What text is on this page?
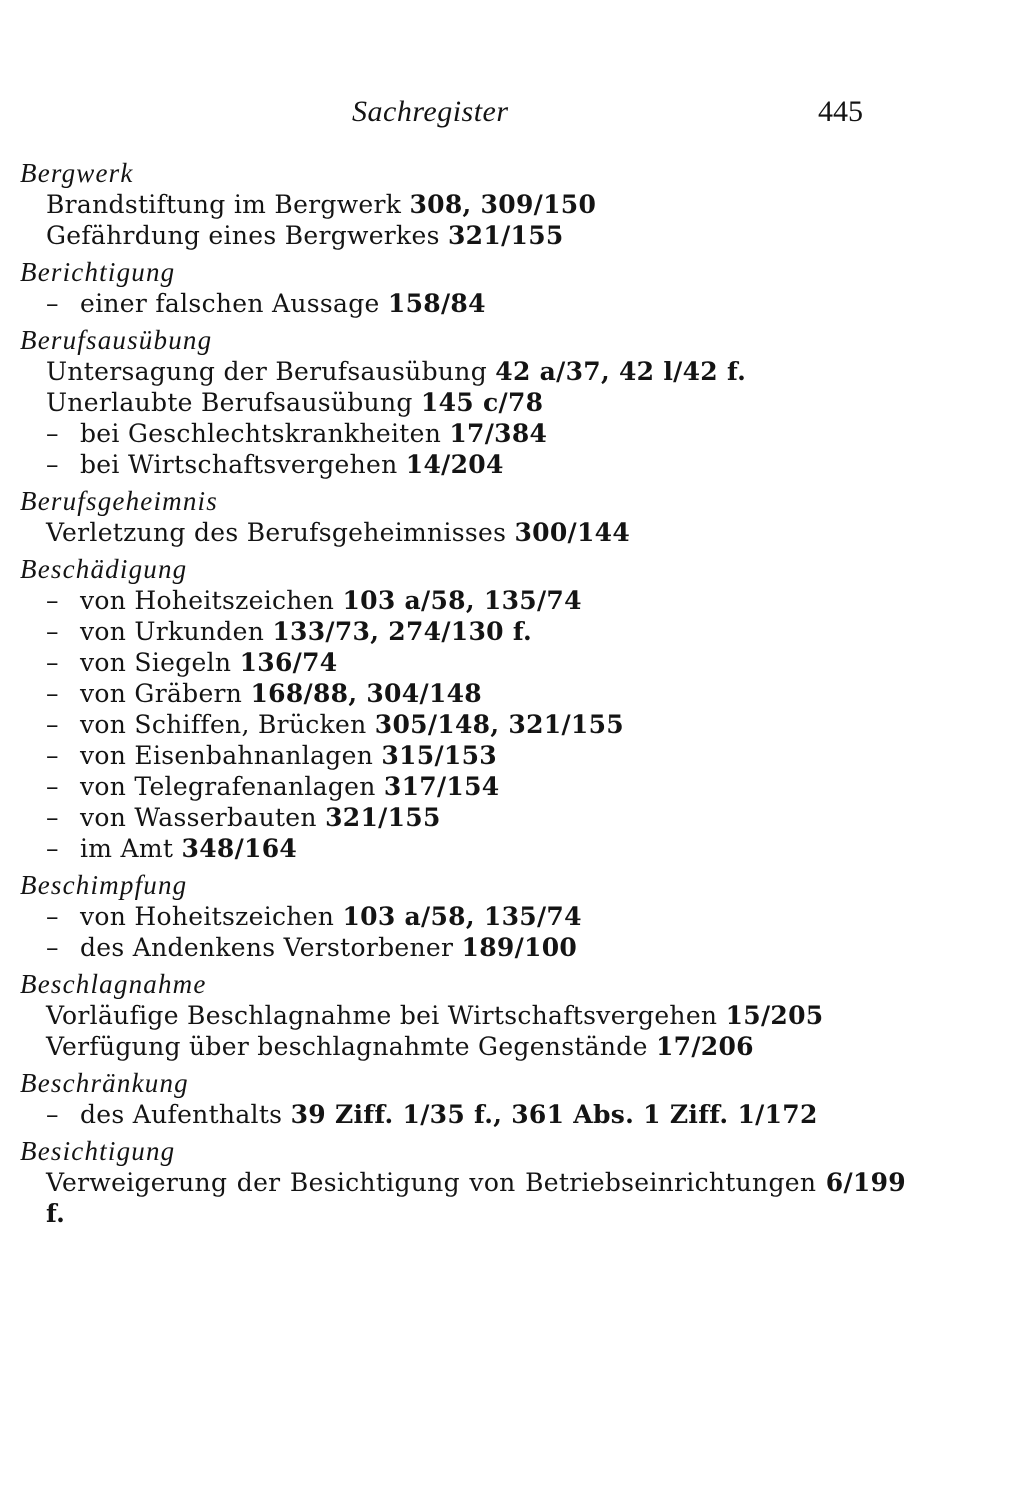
Sachregister	445
Bergwerk
Brandstiftung im Bergwerk 308, 309/150
Gefährdung eines Bergwerkes 321/155
Berichtigung
– einer falschen Aussage 158/84
Berufsausübung
Untersagung der Berufsausübung 42 a/37, 42 l/42 f.
Unerlaubte Berufsausübung 145 c/78
– bei Geschlechtskrankheiten 17/384
– bei Wirtschaftsvergehen 14/204
Berufsgeheimnis
Verletzung des Berufsgeheimnisses 300/144
Beschädigung
– von Hoheitszeichen 103 a/58, 135/74
– von Urkunden 133/73, 274/130 f.
– von Siegeln 136/74
– von Gräbern 168/88, 304/148
– von Schiffen, Brücken 305/148, 321/155
– von Eisenbahnanlagen 315/153
– von Telegrafenanlagen 317/154
– von Wasserbauten 321/155
– im Amt 348/164
Beschimpfung
– von Hoheitszeichen 103 a/58, 135/74
– des Andenkens Verstorbener 189/100
Beschlagnahme
Vorläufige Beschlagnahme bei Wirtschaftsvergehen 15/205
Verfügung über beschlagnahmte Gegenstände 17/206
Beschränkung
– des Aufenthalts 39 Ziff. 1/35 f., 361 Abs. 1 Ziff. 1/172
Besichtigung
Verweigerung der Besichtigung von Betriebseinrichtungen 6/199 f.
